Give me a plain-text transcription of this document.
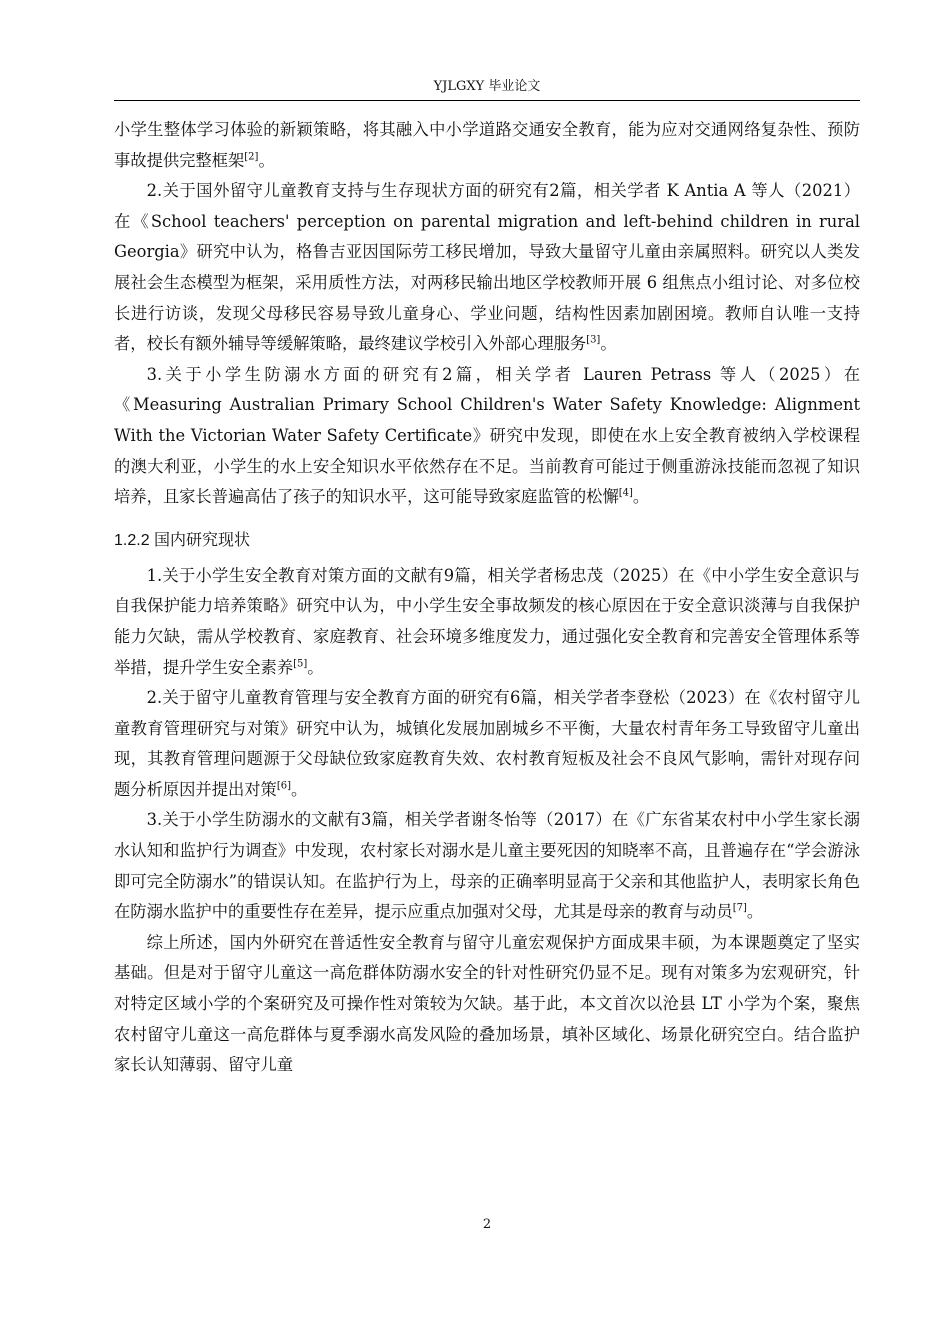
YJLGXY 毕业论文

小学生整体学习体验的新颖策略，将其融入中小学道路交通安全教育，能为应对交通网络复杂性、预防事故提供完整框架[2]。

2.关于国外留守儿童教育支持与生存现状方面的研究有2篇，相关学者 K Antia A 等人（2021） 在《School teachers' perception on parental migration and left-behind children in rural Georgia》研究中认为，格鲁吉亚因国际劳工移民增加，导致大量留守儿童由亲属照料。研究以人类发展社会生态模型为框架，采用质性方法，对两移民输出地区学校教师开展 6 组焦点小组讨论、对多位校长进行访谈，发现父母移民容易导致儿童身心、学业问题，结构性因素加剧困境。教师自认唯一支持者，校长有额外辅导等缓解策略，最终建议学校引入外部心理服务[3]。

3.关于小学生防溺水方面的研究有2篇，相关学者 Lauren Petrass 等人（2025）在《Measuring Australian Primary School Children's Water Safety Knowledge: Alignment With the Victorian Water Safety Certificate》研究中发现，即使在水上安全教育被纳入学校课程的澳大利亚，小学生的水上安全知识水平依然存在不足。当前教育可能过于侧重游泳技能而忽视了知识培养，且家长普遍高估了孩子的知识水平，这可能导致家庭监管的松懈[4]。

1.2.2 国内研究现状

1.关于小学生安全教育对策方面的文献有9篇，相关学者杨忠茂（2025）在《中小学生安全意识与自我保护能力培养策略》研究中认为，中小学生安全事故频发的核心原因在于安全意识淡薄与自我保护能力欠缺，需从学校教育、家庭教育、社会环境多维度发力，通过强化安全教育和完善安全管理体系等举措，提升学生安全素养[5]。

2.关于留守儿童教育管理与安全教育方面的研究有6篇，相关学者李登松（2023）在《农村留守儿童教育管理研究与对策》研究中认为，城镇化发展加剧城乡不平衡，大量农村青年务工导致留守儿童出现，其教育管理问题源于父母缺位致家庭教育失效、农村教育短板及社会不良风气影响，需针对现存问题分析原因并提出对策[6]。

3.关于小学生防溺水的文献有3篇，相关学者谢冬怡等（2017）在《广东省某农村中小学生家长溺水认知和监护行为调查》中发现，农村家长对溺水是儿童主要死因的知晓率不高，且普遍存在“学会游泳即可完全防溺水”的错误认知。在监护行为上，母亲的正确率明显高于父亲和其他监护人，表明家长角色在防溺水监护中的重要性存在差异，提示应重点加强对父母，尤其是母亲的教育与动员[7]。

综上所述，国内外研究在普适性安全教育与留守儿童宏观保护方面成果丰硕，为本课题奠定了坚实基础。但是对于留守儿童这一高危群体防溺水安全的针对性研究仍显不足。现有对策多为宏观研究，针对特定区域小学的个案研究及可操作性对策较为欠缺。基于此，本文首次以沧县 LT 小学为个案，聚焦农村留守儿童这一高危群体与夏季溺水高发风险的叠加场景，填补区域化、场景化研究空白。结合监护家长认知薄弱、留守儿童

2
